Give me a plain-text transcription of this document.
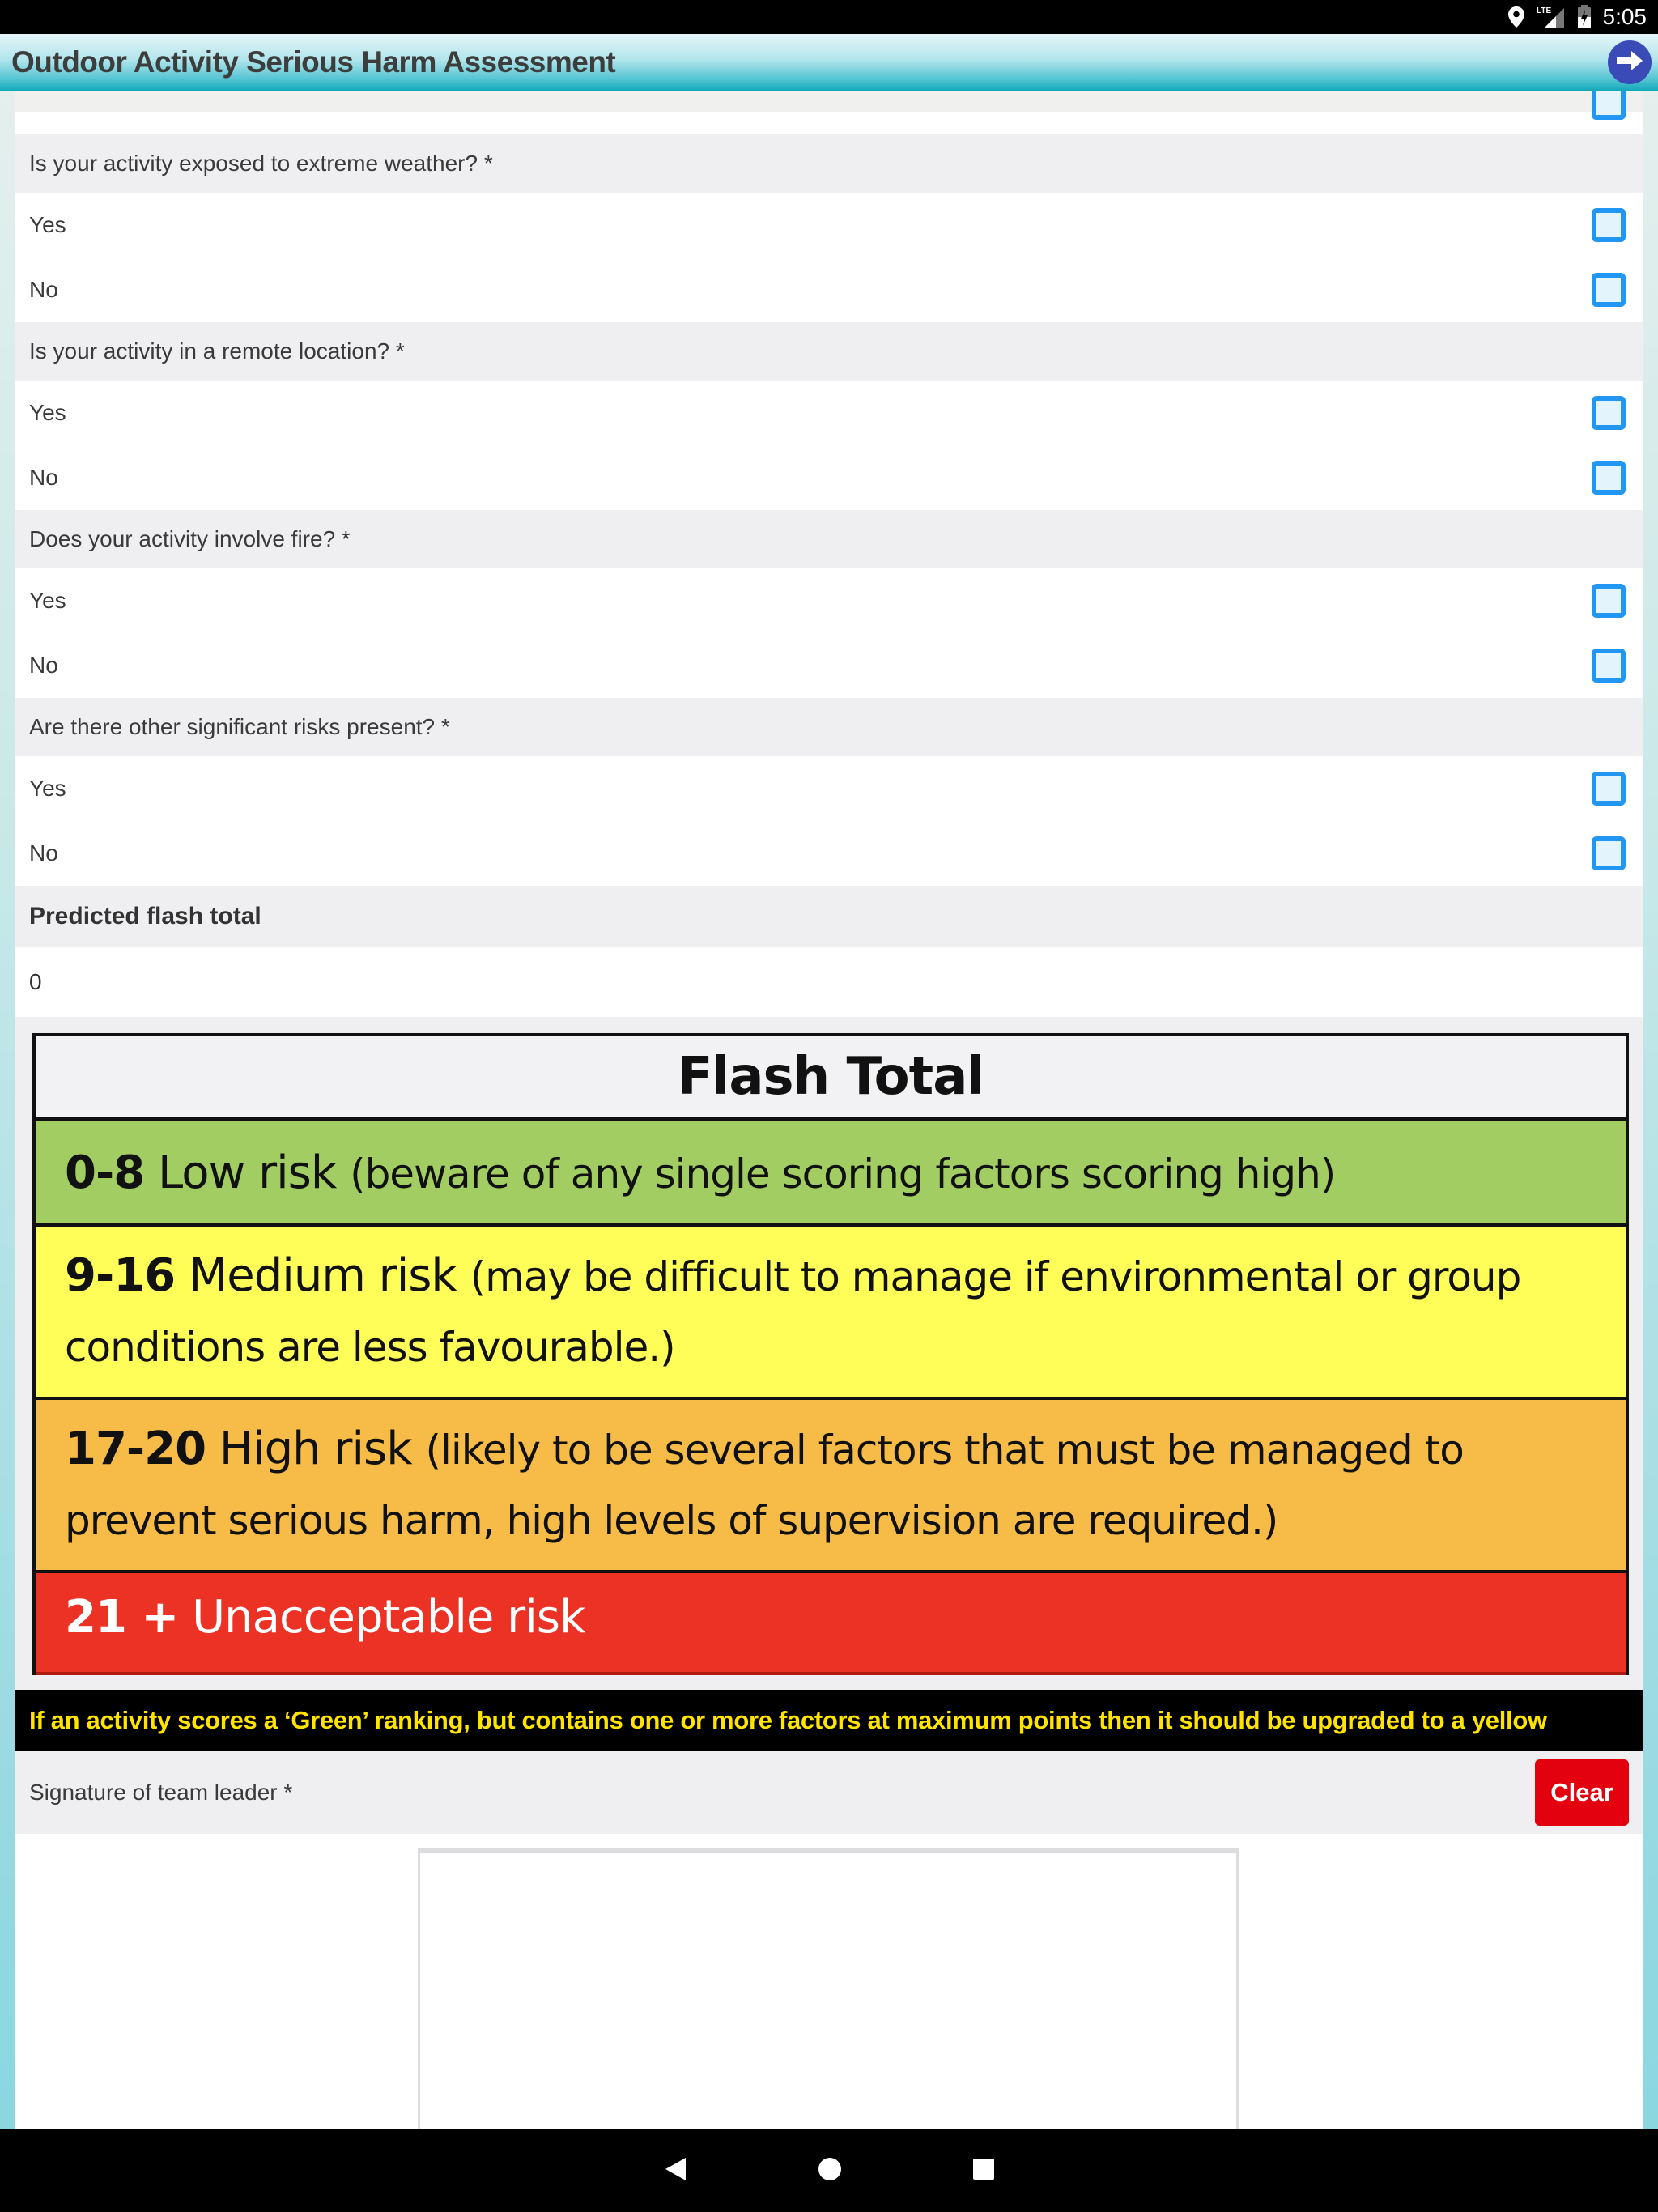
LTE 5:05
Outdoor Activity Serious Harm Assessment
Is your activity exposed to extreme weather? *
Yes
No
Is your activity in a remote location? *
Yes
No
Does your activity involve fire? *
Yes
No
Are there other significant risks present? *
Yes
No
Predicted flash total
0
Flash Total
0-8 Low risk (beware of any single scoring factors scoring high)
9-16 Medium risk (may be difficult to manage if environmental or group conditions are less favourable.)
17-20 High risk (likely to be several factors that must be managed to prevent serious harm, high levels of supervision are required.)
21 + Unacceptable risk
If an activity scores a ‘Green’ ranking, but contains one or more factors at maximum points then it should be upgraded to a yellow
Signature of team leader *	Clear
